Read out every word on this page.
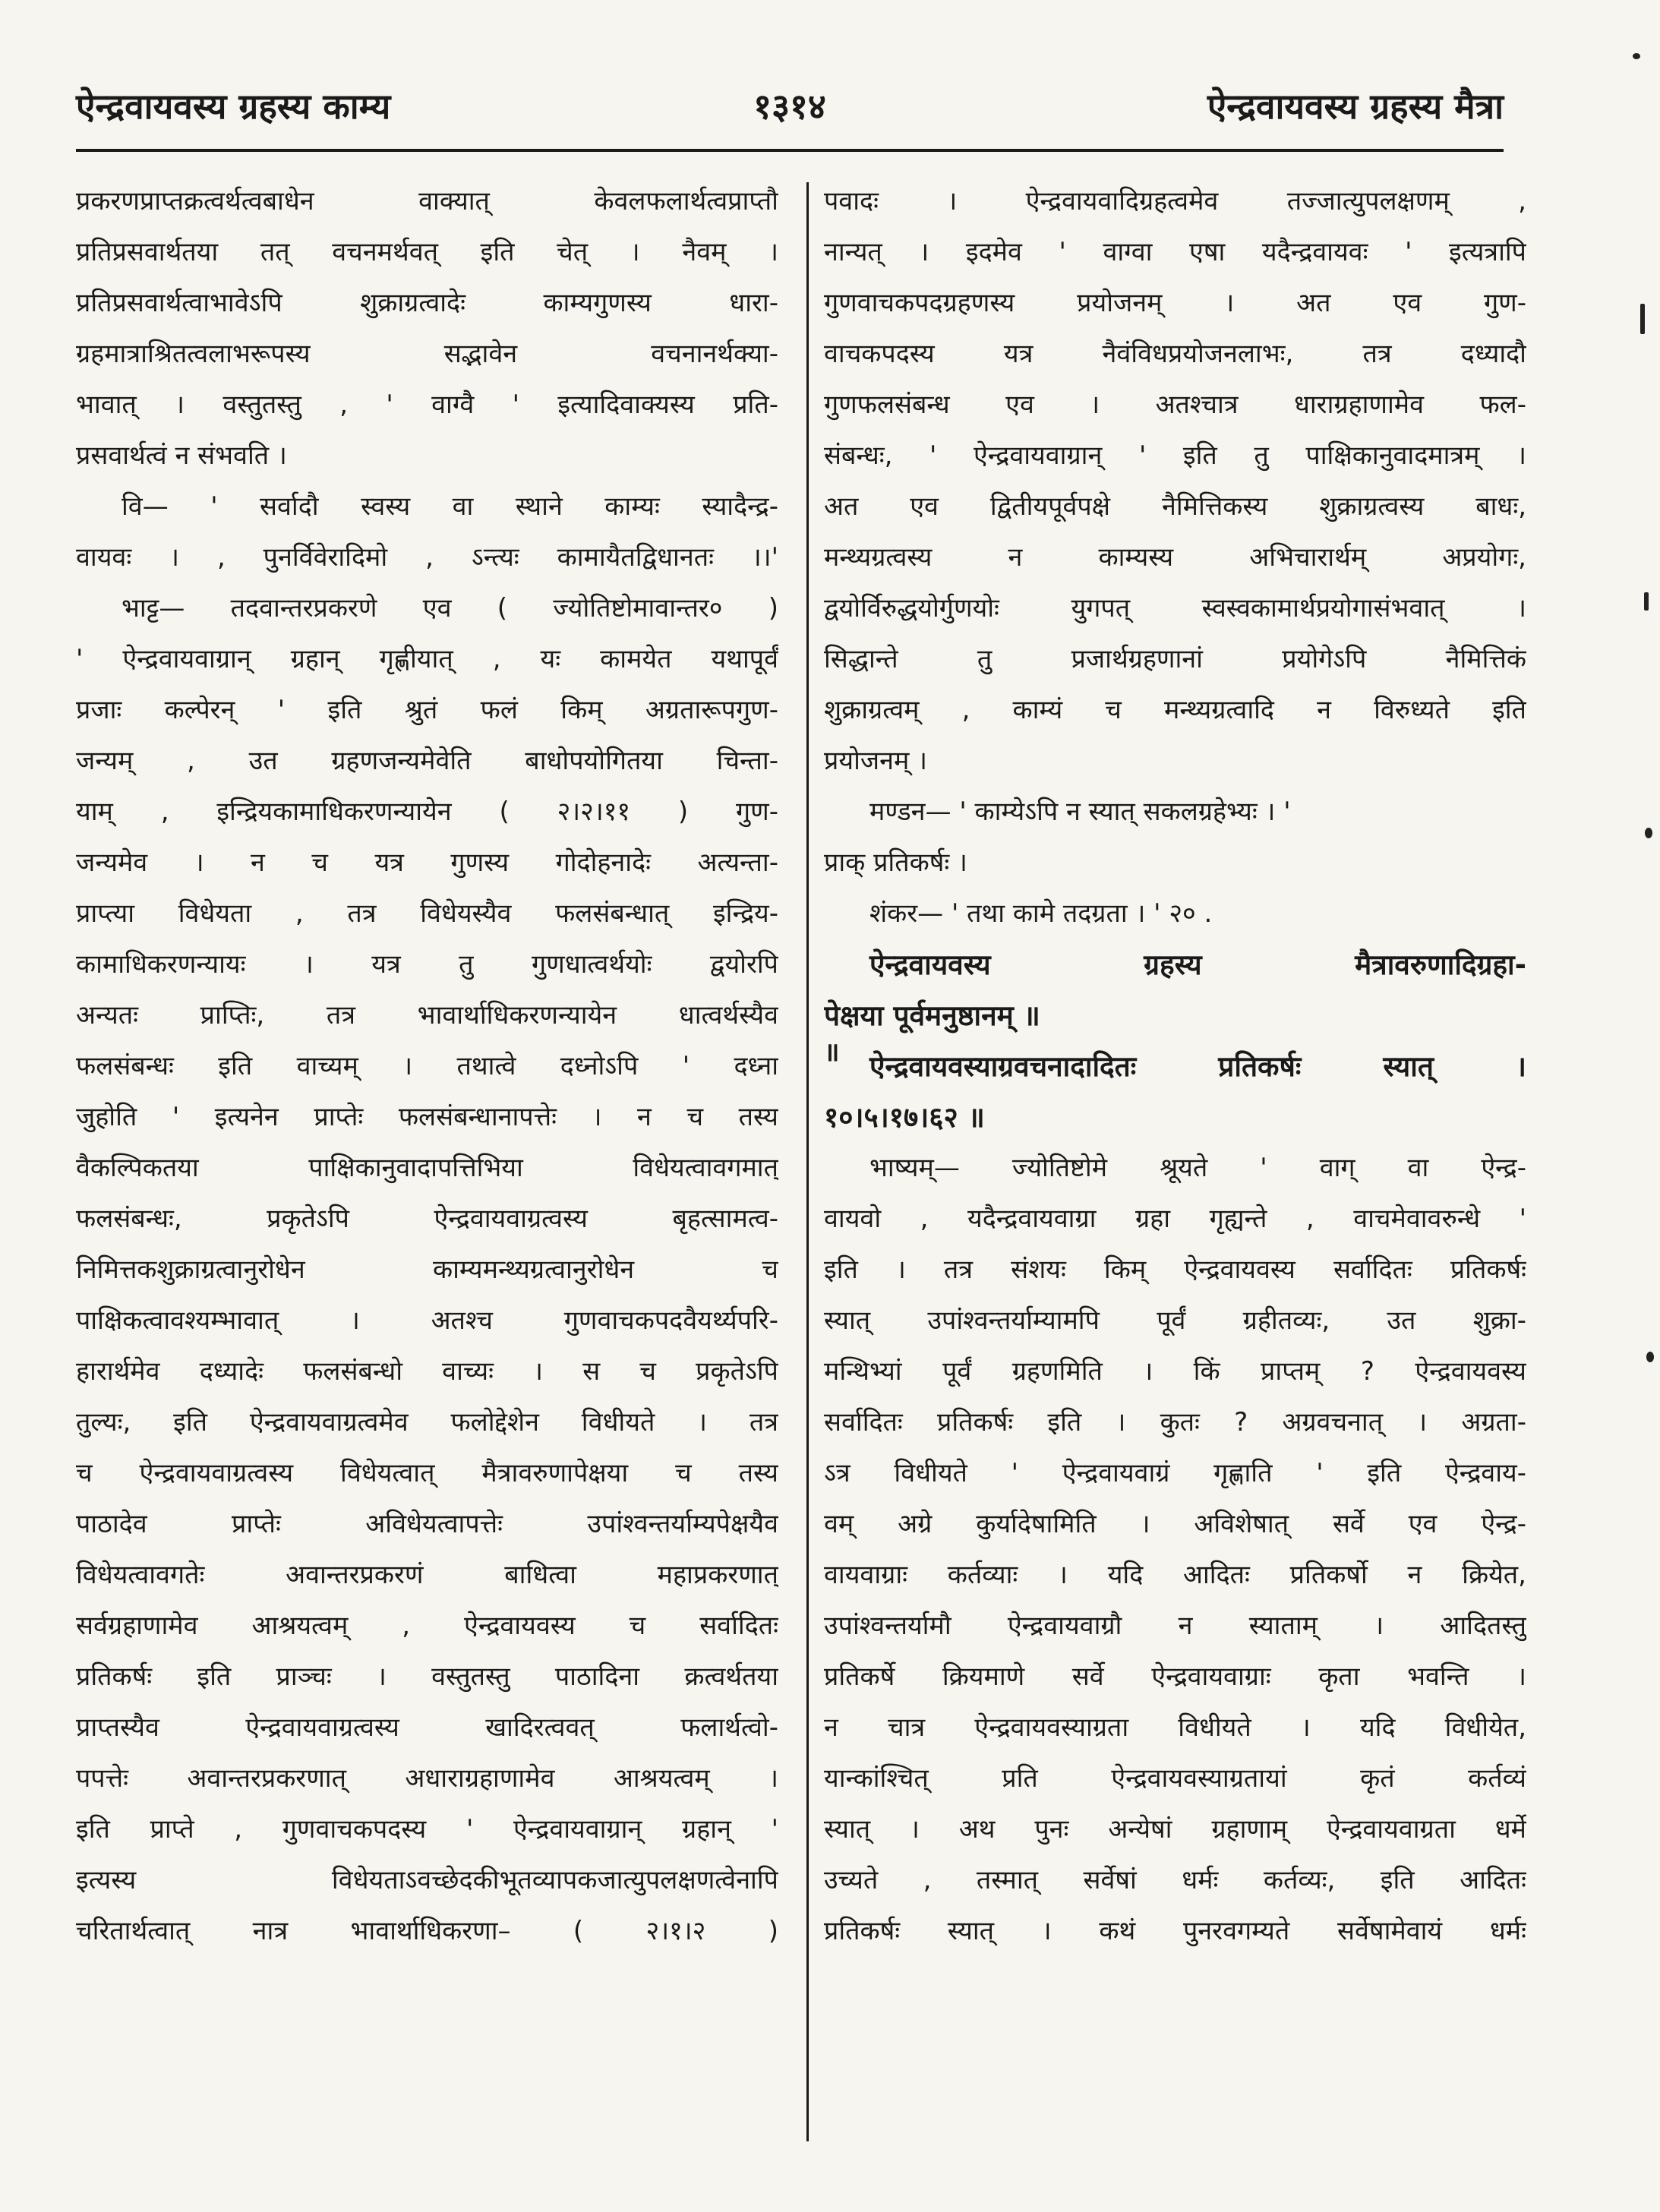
ऐन्द्रवायवस्य ग्रहस्य काम्य	१३१४	ऐन्द्रवायवस्य ग्रहस्य मैत्रा
प्रकरणप्राप्तक्रत्वर्थत्वबाधेन वाक्यात् केवलफलार्थत्वप्राप्तौ
प्रतिप्रसवार्थतया तत् वचनमर्थवत् इति चेत् । नैवम् ।
प्रतिप्रसवार्थत्वाभावेऽपि शुक्राग्रत्वादेः काम्यगुणस्य धारा-
ग्रहमात्राश्रितत्वलाभरूपस्य सद्भावेन वचनानर्थक्या-
भावात् । वस्तुतस्तु , ' वाग्वै ' इत्यादिवाक्यस्य प्रति-
प्रसवार्थत्वं न संभवति ।
वि— ' सर्वादौ स्वस्य वा स्थाने काम्यः स्यादैन्द्र-
वायवः । , पुनर्विवेरादिमो , ऽन्त्यः कामायैतद्विधानतः ।।'
भाट्ट— तदवान्तरप्रकरणे एव ( ज्योतिष्टोमावान्तर० )
' ऐन्द्रवायवाग्रान् ग्रहान् गृह्णीयात् , यः कामयेत यथापूर्वं
प्रजाः कल्पेरन् ' इति श्रुतं फलं किम् अग्रतारूपगुण-
जन्यम् , उत ग्रहणजन्यमेवेति बाधोपयोगितया चिन्ता-
याम् , इन्द्रियकामाधिकरणन्यायेन ( २।२।११ ) गुण-
जन्यमेव । न च यत्र गुणस्य गोदोहनादेः अत्यन्ता-
प्राप्त्या विधेयता , तत्र विधेयस्यैव फलसंबन्धात् इन्द्रिय-
कामाधिकरणन्यायः । यत्र तु गुणधात्वर्थयोः द्वयोरपि
अन्यतः प्राप्तिः, तत्र भावार्थाधिकरणन्यायेन धात्वर्थस्यैव
फलसंबन्धः इति वाच्यम् । तथात्वे दध्नोऽपि ' दध्ना
जुहोति ' इत्यनेन प्राप्तेः फलसंबन्धानापत्तेः । न च तस्य
वैकल्पिकतया पाक्षिकानुवादापत्तिभिया विधेयत्वावगमात्
फलसंबन्धः, प्रकृतेऽपि ऐन्द्रवायवाग्रत्वस्य बृहत्सामत्व-
निमित्तकशुक्राग्रत्वानुरोधेन काम्यमन्थ्यग्रत्वानुरोधेन च
पाक्षिकत्वावश्यम्भावात् । अतश्च गुणवाचकपदवैयर्थ्यपरि-
हारार्थमेव दध्यादेः फलसंबन्धो वाच्यः । स च प्रकृतेऽपि
तुल्यः, इति ऐन्द्रवायवाग्रत्वमेव फलोद्देशेन विधीयते । तत्र
च ऐन्द्रवायवाग्रत्वस्य विधेयत्वात् मैत्रावरुणापेक्षया च तस्य
पाठादेव प्राप्तेः अविधेयत्वापत्तेः उपांश्वन्तर्याम्यपेक्षयैव
विधेयत्वावगतेः अवान्तरप्रकरणं बाधित्वा महाप्रकरणात्
सर्वग्रहाणामेव आश्रयत्वम् , ऐन्द्रवायवस्य च सर्वादितः
प्रतिकर्षः इति प्राञ्चः । वस्तुतस्तु पाठादिना क्रत्वर्थतया
प्राप्तस्यैव ऐन्द्रवायवाग्रत्वस्य खादिरत्ववत् फलार्थत्वो-
पपत्तेः अवान्तरप्रकरणात् अधाराग्रहाणामेव आश्रयत्वम् ।
इति प्राप्ते , गुणवाचकपदस्य ' ऐन्द्रवायवाग्रान् ग्रहान् '
इत्यस्य विधेयताऽवच्छेदकीभूतव्यापकजात्युपलक्षणत्वेनापि
चरितार्थत्वात् नात्र भावार्थाधिकरणा– ( २।१।२ )
पवादः । ऐन्द्रवायवादिग्रहत्वमेव तज्जात्युपलक्षणम् ,
नान्यत् । इदमेव ' वाग्वा एषा यदैन्द्रवायवः ' इत्यत्रापि
गुणवाचकपदग्रहणस्य प्रयोजनम् । अत एव गुण-
वाचकपदस्य यत्र नैवंविधप्रयोजनलाभः, तत्र दध्यादौ
गुणफलसंबन्ध एव । अतश्चात्र धाराग्रहाणामेव फल-
संबन्धः, ' ऐन्द्रवायवाग्रान् ' इति तु पाक्षिकानुवादमात्रम् ।
अत एव द्वितीयपूर्वपक्षे नैमित्तिकस्य शुक्राग्रत्वस्य बाधः,
मन्थ्यग्रत्वस्य न काम्यस्य अभिचारार्थम् अप्रयोगः,
द्वयोर्विरुद्धयोर्गुणयोः युगपत् स्वस्वकामार्थप्रयोगासंभवात् ।
सिद्धान्ते तु प्रजार्थग्रहणानां प्रयोगेऽपि नैमित्तिकं
शुक्राग्रत्वम् , काम्यं च मन्थ्यग्रत्वादि न विरुध्यते इति
प्रयोजनम् ।
मण्डन— ' काम्येऽपि न स्यात् सकलग्रहेभ्यः । '
प्राक् प्रतिकर्षः ।
शंकर— ' तथा कामे तदग्रता । ' २० .
ऐन्द्रवायवस्य ग्रहस्य मैत्रावरुणादिग्रहा-
पेक्षया पूर्वमनुष्ठानम् ॥
ऐन्द्रवायवस्याग्रवचनादादितः प्रतिकर्षः स्यात् ।
१०।५।१७।६२ ॥
भाष्यम्— ज्योतिष्टोमे श्रूयते ' वाग् वा ऐन्द्र-
वायवो , यदैन्द्रवायवाग्रा ग्रहा गृह्यन्ते , वाचमेवावरुन्धे '
इति । तत्र संशयः किम् ऐन्द्रवायवस्य सर्वादितः प्रतिकर्षः
स्यात् उपांश्वन्तर्याम्यामपि पूर्वं ग्रहीतव्यः, उत शुक्रा-
मन्थिभ्यां पूर्वं ग्रहणमिति । किं प्राप्तम् ? ऐन्द्रवायवस्य
सर्वादितः प्रतिकर्षः इति । कुतः ? अग्रवचनात् । अग्रता-
ऽत्र विधीयते ' ऐन्द्रवायवाग्रं गृह्णाति ' इति ऐन्द्रवाय-
वम् अग्रे कुर्यादेषामिति । अविशेषात् सर्वे एव ऐन्द्र-
वायवाग्राः कर्तव्याः । यदि आदितः प्रतिकर्षो न क्रियेत,
उपांश्वन्तर्यामौ ऐन्द्रवायवाग्रौ न स्याताम् । आदितस्तु
प्रतिकर्षे क्रियमाणे सर्वे ऐन्द्रवायवाग्राः कृता भवन्ति ।
न चात्र ऐन्द्रवायवस्याग्रता विधीयते । यदि विधीयेत,
यान्कांश्चित् प्रति ऐन्द्रवायवस्याग्रतायां कृतं कर्तव्यं
स्यात् । अथ पुनः अन्येषां ग्रहाणाम् ऐन्द्रवायवाग्रता धर्मे
उच्यते , तस्मात् सर्वेषां धर्मः कर्तव्यः, इति आदितः
प्रतिकर्षः स्यात् । कथं पुनरवगम्यते सर्वेषामेवायं धर्मः
॥
